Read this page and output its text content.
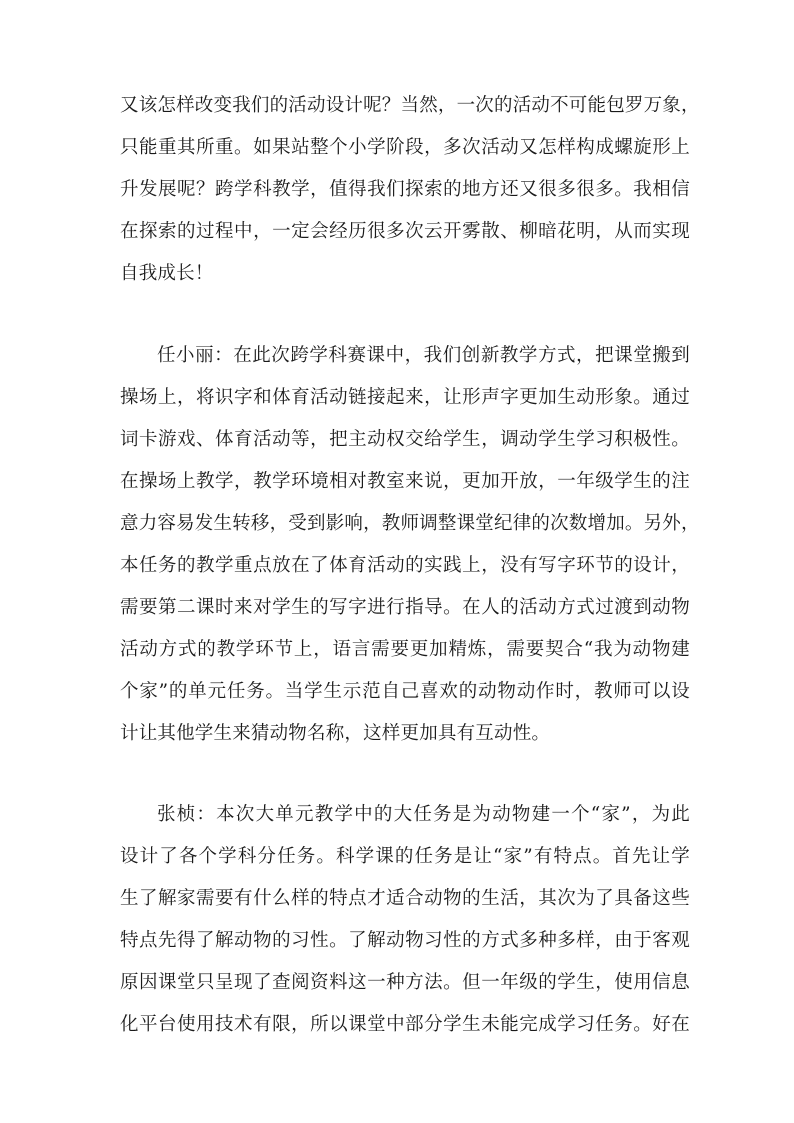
又该怎样改变我们的活动设计呢？当然，一次的活动不可能包罗万象，
只能重其所重。如果站整个小学阶段，多次活动又怎样构成螺旋形上
升发展呢？跨学科教学，值得我们探索的地方还又很多很多。我相信
在探索的过程中，一定会经历很多次云开雾散、柳暗花明，从而实现
自我成长！
任小丽：在此次跨学科赛课中，我们创新教学方式，把课堂搬到
操场上，将识字和体育活动链接起来，让形声字更加生动形象。通过
词卡游戏、体育活动等，把主动权交给学生，调动学生学习积极性。
在操场上教学，教学环境相对教室来说，更加开放，一年级学生的注
意力容易发生转移，受到影响，教师调整课堂纪律的次数增加。另外，
本任务的教学重点放在了体育活动的实践上，没有写字环节的设计，
需要第二课时来对学生的写字进行指导。在人的活动方式过渡到动物
活动方式的教学环节上，语言需要更加精炼，需要契合“我为动物建
个家”的单元任务。当学生示范自己喜欢的动物动作时，教师可以设
计让其他学生来猜动物名称，这样更加具有互动性。
张桢：本次大单元教学中的大任务是为动物建一个“家”，为此
设计了各个学科分任务。科学课的任务是让“家”有特点。首先让学
生了解家需要有什么样的特点才适合动物的生活，其次为了具备这些
特点先得了解动物的习性。了解动物习性的方式多种多样，由于客观
原因课堂只呈现了查阅资料这一种方法。但一年级的学生，使用信息
化平台使用技术有限，所以课堂中部分学生未能完成学习任务。好在
